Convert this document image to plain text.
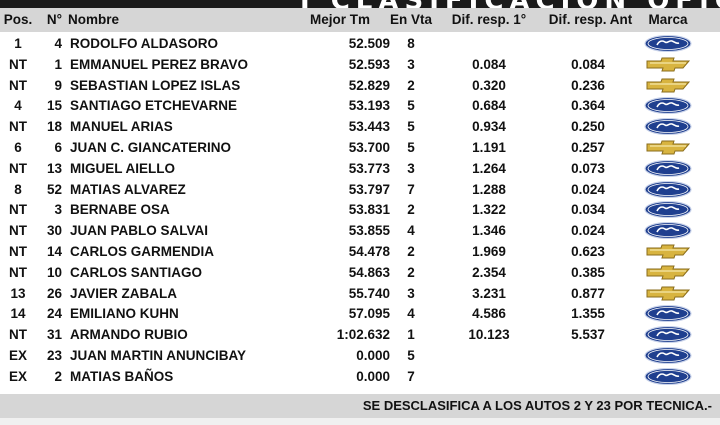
Pos.	N° Nombre	Mejor Tm	En Vta	Dif. resp. 1°	Dif. resp. Ant	Marca
1	4 RODOLFO ALDASORO	52.509	8
NT	1 EMMANUEL PEREZ BRAVO	52.593	3	0.084	0.084
NT	9 SEBASTIAN LOPEZ ISLAS	52.829	2	0.320	0.236
4	15 SANTIAGO ETCHEVARNE	53.193	5	0.684	0.364
NT	18 MANUEL ARIAS	53.443	5	0.934	0.250
6	6 JUAN C. GIANCATERINO	53.700	5	1.191	0.257
NT	13 MIGUEL AIELLO	53.773	3	1.264	0.073
8	52 MATIAS ALVAREZ	53.797	7	1.288	0.024
NT	3 BERNABE OSA	53.831	2	1.322	0.034
NT	30 JUAN PABLO SALVAI	53.855	4	1.346	0.024
NT	14 CARLOS GARMENDIA	54.478	2	1.969	0.623
NT	10 CARLOS SANTIAGO	54.863	2	2.354	0.385
13	26 JAVIER ZABALA	55.740	3	3.231	0.877
14	24 EMILIANO KUHN	57.095	4	4.586	1.355
NT	31 ARMANDO RUBIO	1:02.632	1	10.123	5.537
EX	23 JUAN MARTIN ANUNCIBAY	0.000	5
EX	2 MATIAS BAÑOS	0.000	7
SE DESCLASIFICA A LOS AUTOS 2 Y 23 POR TECNICA.-
